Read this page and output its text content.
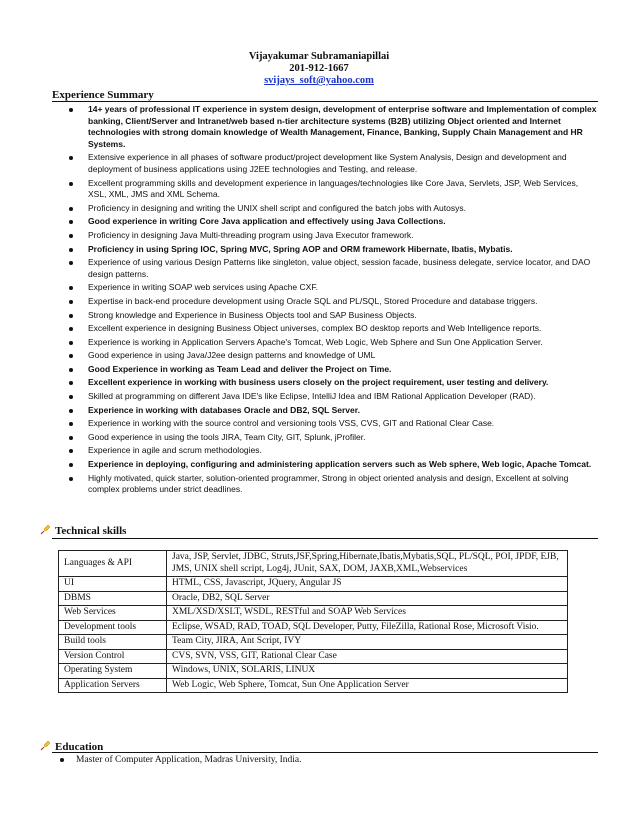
Vijayakumar Subramaniapillai
201-912-1667
svijays_soft@yahoo.com
Experience Summary
14+ years of professional IT experience in system design, development of enterprise software and Implementation of complex banking, Client/Server and Intranet/web based n-tier architecture systems (B2B) utilizing Object oriented and Internet technologies with strong domain knowledge of Wealth Management, Finance, Banking, Supply Chain Management and HR Systems.
Extensive experience in all phases of software product/project development like System Analysis, Design and development and deployment of business applications using J2EE technologies and Testing, and release.
Excellent programming skills and development experience in languages/technologies like Core Java, Servlets, JSP, Web Services, XSL, XML, JMS and XML Schema.
Proficiency in designing and writing the UNIX shell script and configured the batch jobs with Autosys.
Good experience in writing Core Java application and effectively using Java Collections.
Proficiency in designing Java Multi-threading program using Java Executor framework.
Proficiency in using Spring IOC, Spring MVC, Spring AOP and ORM framework Hibernate, Ibatis, Mybatis.
Experience of using various Design Patterns like singleton, value object, session facade, business delegate, service locator, and DAO design patterns.
Experience in writing SOAP web services using Apache CXF.
Expertise in back-end procedure development using Oracle SQL and PL/SQL, Stored Procedure and database triggers.
Strong knowledge and Experience in Business Objects tool and SAP Business Objects.
Excellent experience in designing Business Object universes, complex BO desktop reports and Web Intelligence reports.
Experience is working in Application Servers Apache's Tomcat, Web Logic, Web Sphere and Sun One Application Server.
Good experience in using Java/J2ee design patterns and knowledge of UML
Good Experience in working as Team Lead and deliver the Project on Time.
Excellent experience in working with business users closely on the project requirement, user testing and delivery.
Skilled at programming on different Java IDE's like Eclipse, IntelliJ Idea and IBM Rational Application Developer (RAD).
Experience in working with databases Oracle and DB2, SQL Server.
Experience in working with the source control and versioning tools VSS, CVS, GIT and Rational Clear Case.
Good experience in using the tools JIRA, Team City, GIT, Splunk, jProfiler.
Experience in agile and scrum methodologies.
Experience in deploying, configuring and administering application servers such as Web sphere, Web logic, Apache Tomcat.
Highly motivated, quick starter, solution-oriented programmer, Strong in object oriented analysis and design, Excellent at solving complex problems under strict deadlines.
Technical skills
Languages & API	Java, JSP, Servlet, JDBC, Struts,JSF,Spring,Hibernate,Ibatis,Mybatis,SQL, PL/SQL, POI, JPDF, EJB, JMS, UNIX shell script, Log4j, JUnit, SAX, DOM, JAXB,XML,Webservices
UI	HTML, CSS, Javascript, JQuery, Angular JS
DBMS	Oracle, DB2, SQL Server
Web Services	XML/XSD/XSLT, WSDL, RESTful and SOAP Web Services
Development tools	Eclipse, WSAD, RAD, TOAD, SQL Developer, Putty, FileZilla, Rational Rose, Microsoft Visio.
Build tools	Team City, JIRA, Ant Script, IVY
Version Control	CVS, SVN, VSS, GIT, Rational Clear Case
Operating System	Windows, UNIX, SOLARIS, LINUX
Application Servers	Web Logic, Web Sphere, Tomcat, Sun One Application Server
Education
Master of Computer Application, Madras University, India.
